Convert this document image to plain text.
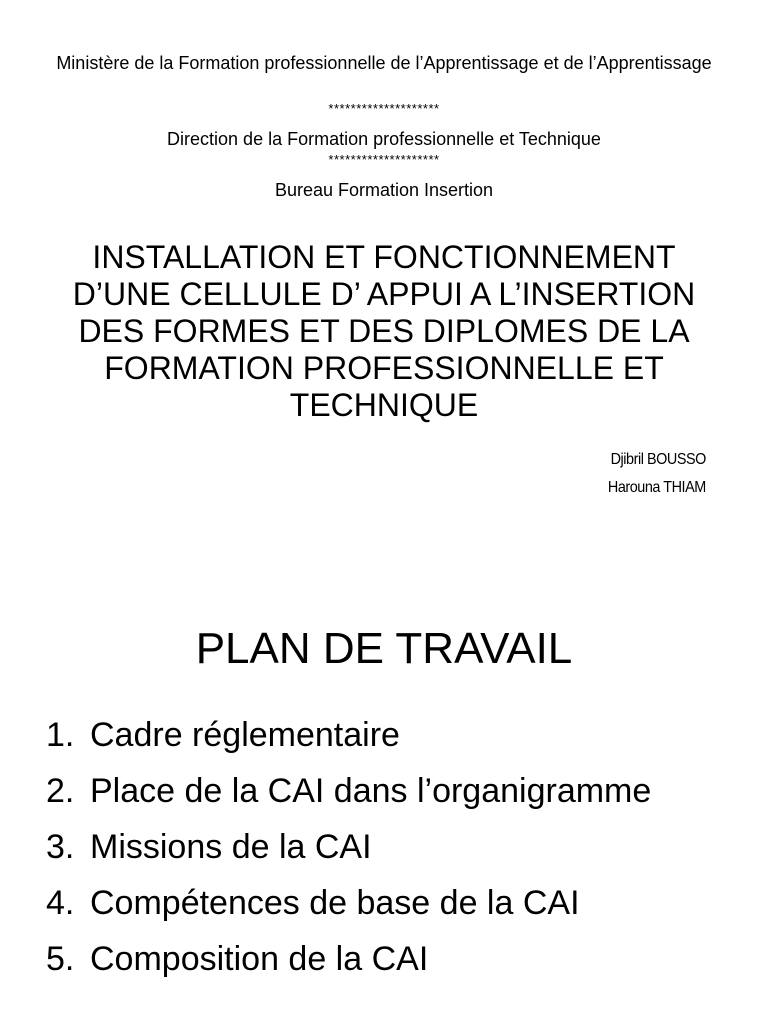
Ministère de la Formation professionnelle de l’Apprentissage et de l’Apprentissage
********************
Direction de la Formation professionnelle et Technique
********************
Bureau Formation Insertion
INSTALLATION ET FONCTIONNEMENT D’UNE CELLULE D’ APPUI A L’INSERTION DES FORMES ET DES DIPLOMES DE LA FORMATION PROFESSIONNELLE ET TECHNIQUE
Djibril BOUSSO
Harouna THIAM
PLAN DE TRAVAIL
1. Cadre réglementaire
2. Place de la CAI dans l’organigramme
3. Missions de la CAI
4. Compétences de base de la CAI
5. Composition de la CAI
